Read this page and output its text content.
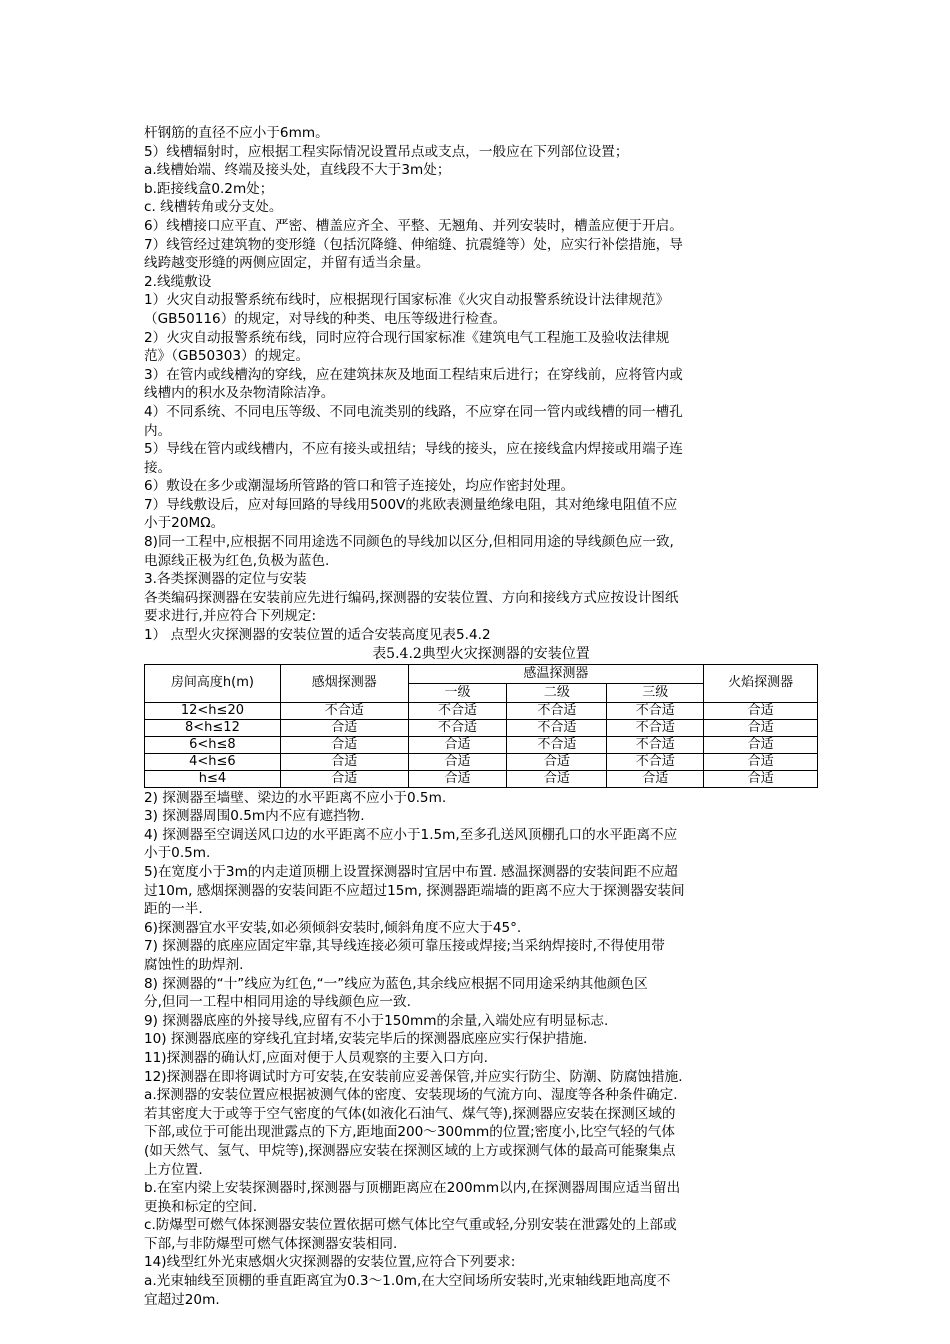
杆钢筋的直径不应小于6mm。
5）线槽辐射时，应根据工程实际情况设置吊点或支点，一般应在下列部位设置；
a.线槽始端、终端及接头处，直线段不大于3m处；
b.距接线盒0.2m处；
c. 线槽转角或分支处。
6）线槽接口应平直、严密、槽盖应齐全、平整、无翘角、并列安装时，槽盖应便于开启。
7）线管经过建筑物的变形缝（包括沉降缝、伸缩缝、抗震缝等）处，应实行补偿措施，导
线跨越变形缝的两侧应固定，并留有适当余量。
2.线缆敷设
1）火灾自动报警系统布线时，应根据现行国家标准《火灾自动报警系统设计法律规范》
（GB50116）的规定，对导线的种类、电压等级进行检查。
2）火灾自动报警系统布线，同时应符合现行国家标准《建筑电气工程施工及验收法律规
范》（GB50303）的规定。
3）在管内或线槽沟的穿线，应在建筑抹灰及地面工程结束后进行；在穿线前，应将管内或
线槽内的积水及杂物清除洁净。
4）不同系统、不同电压等级、不同电流类别的线路，不应穿在同一管内或线槽的同一槽孔
内。
5）导线在管内或线槽内，不应有接头或扭结；导线的接头，应在接线盒内焊接或用端子连
接。
6）敷设在多少或潮湿场所管路的管口和管子连接处，均应作密封处理。
7）导线敷设后，应对每回路的导线用500V的兆欧表测量绝缘电阻，其对绝缘电阻值不应
小于20MΩ。
8)同一工程中,应根据不同用途选不同颜色的导线加以区分,但相同用途的导线颜色应一致,
电源线正极为红色,负极为蓝色.
3.各类探测器的定位与安装
各类编码探测器在安装前应先进行编码,探测器的安装位置、方向和接线方式应按设计图纸
要求进行,并应符合下列规定:
1） 点型火灾探测器的安装位置的适合安装高度见表5.4.2
表5.4.2典型火灾探测器的安装位置
房间高度h(m)	感烟探测器	感温探测器			火焰探测器
		一级	二级	三级	
12<h≤20	不合适	不合适	不合适	不合适	合适
8<h≤12	合适	不合适	不合适	不合适	合适
6<h≤8	合适	合适	不合适	不合适	合适
4<h≤6	合适	合适	合适	不合适	合适
h≤4	合适	合适	合适	合适	合适
2) 探测器至墙壁、梁边的水平距离不应小于0.5m.
3) 探测器周围0.5m内不应有遮挡物.
4) 探测器至空调送风口边的水平距离不应小于1.5m,至多孔送风顶棚孔口的水平距离不应
小于0.5m.
5)在宽度小于3m的内走道顶棚上设置探测器时宜居中布置. 感温探测器的安装间距不应超
过10m, 感烟探测器的安装间距不应超过15m, 探测器距端墙的距离不应大于探测器安装间
距的一半.
6)探测器宜水平安装,如必须倾斜安装时,倾斜角度不应大于45°.
7) 探测器的底座应固定牢靠,其导线连接必须可靠压接或焊接;当采纳焊接时,不得使用带
腐蚀性的助焊剂.
8) 探测器的“十”线应为红色,“一”线应为蓝色,其余线应根据不同用途采纳其他颜色区
分,但同一工程中相同用途的导线颜色应一致.
9) 探测器底座的外接导线,应留有不小于150mm的余量,入端处应有明显标志.
10) 探测器底座的穿线孔宜封堵,安装完毕后的探测器底座应实行保护措施.
11)探测器的确认灯,应面对便于人员观察的主要入口方向.
12)探测器在即将调试时方可安装,在安装前应妥善保管,并应实行防尘、防潮、防腐蚀措施.
a.探测器的安装位置应根据被测气体的密度、安装现场的气流方向、湿度等各种条件确定.
若其密度大于或等于空气密度的气体(如液化石油气、煤气等),探测器应安装在探测区域的
下部,或位于可能出现泄露点的下方,距地面200～300mm的位置;密度小,比空气轻的气体
(如天然气、氢气、甲烷等),探测器应安装在探测区域的上方或探测气体的最高可能聚集点
上方位置.
b.在室内梁上安装探测器时,探测器与顶棚距离应在200mm以内,在探测器周围应适当留出
更换和标定的空间.
c.防爆型可燃气体探测器安装位置依据可燃气体比空气重或轻,分别安装在泄露处的上部或
下部,与非防爆型可燃气体探测器安装相同.
14)线型红外光束感烟火灾探测器的安装位置,应符合下列要求:
a.光束轴线至顶棚的垂直距离宜为0.3～1.0m,在大空间场所安装时,光束轴线距地高度不
宜超过20m.
